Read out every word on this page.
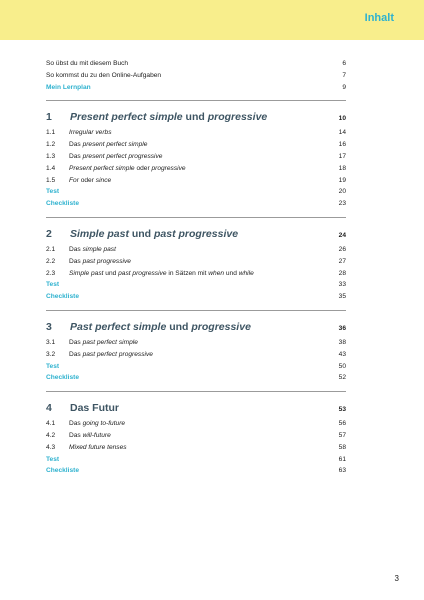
Inhalt
So übst du mit diesem Buch	6
So kommst du zu den Online-Aufgaben	7
Mein Lernplan	9
1 Present perfect simple und progressive	10
1.1 Irregular verbs	14
1.2 Das present perfect simple	16
1.3 Das present perfect progressive	17
1.4 Present perfect simple oder progressive	18
1.5 For oder since	19
Test	20
Checkliste	23
2 Simple past und past progressive	24
2.1 Das simple past	26
2.2 Das past progressive	27
2.3 Simple past und past progressive in Sätzen mit when und while	28
Test	33
Checkliste	35
3 Past perfect simple und progressive	36
3.1 Das past perfect simple	38
3.2 Das past perfect progressive	43
Test	50
Checkliste	52
4 Das Futur	53
4.1 Das going to-future	56
4.2 Das will-future	57
4.3 Mixed future tenses	58
Test	61
Checkliste	63
3
